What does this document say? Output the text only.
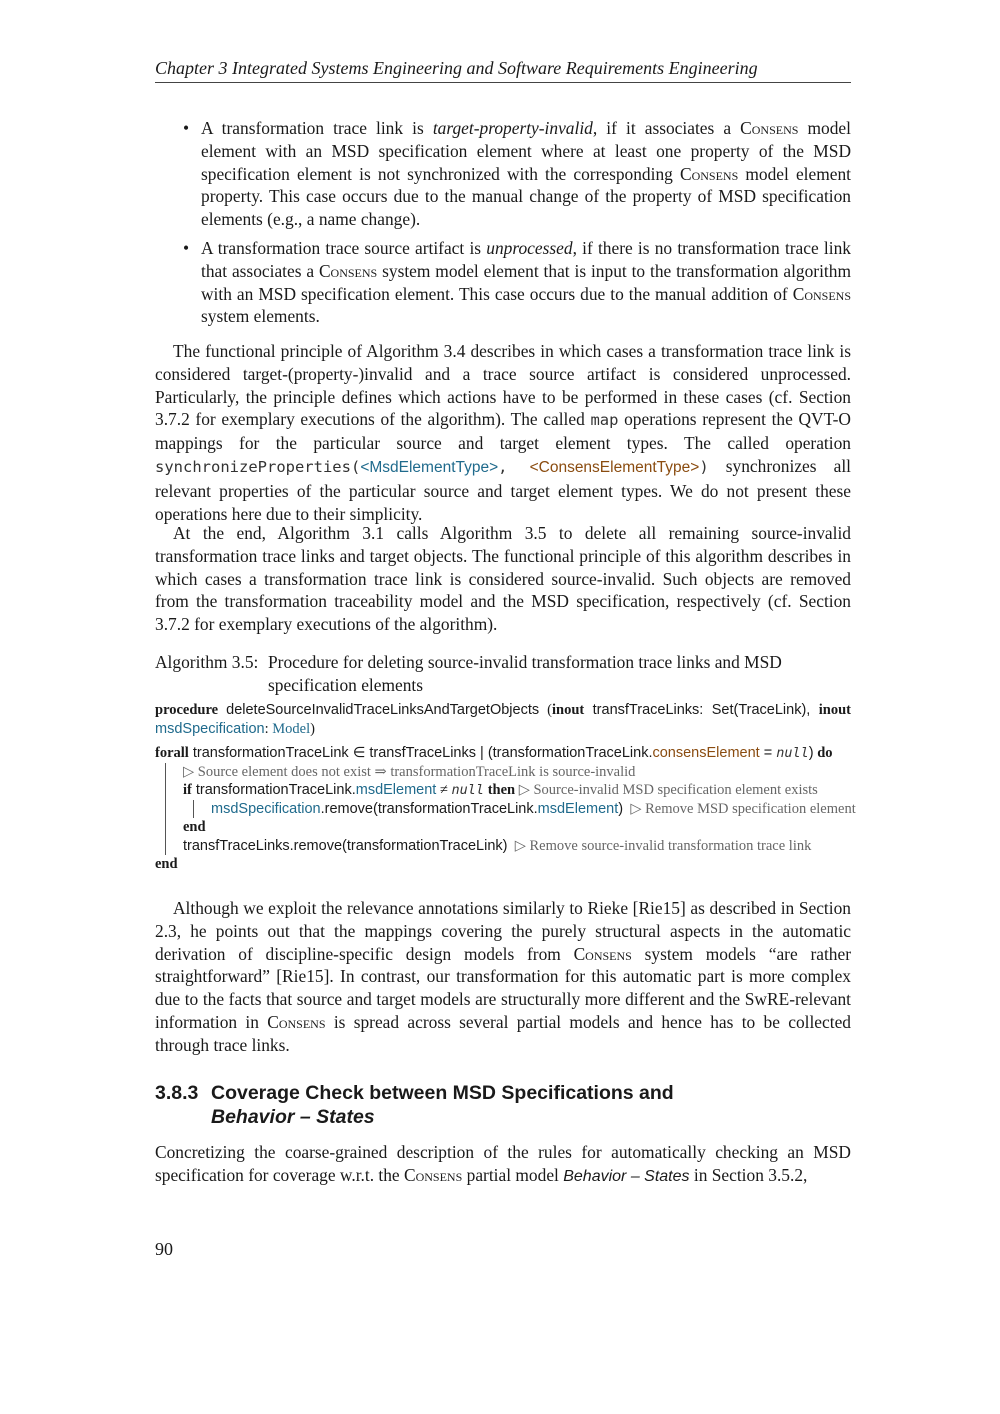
Chapter 3 Integrated Systems Engineering and Software Requirements Engineering
• A transformation trace link is target-property-invalid, if it associates a Consens model element with an MSD specification element where at least one property of the MSD specification element is not synchronized with the corresponding Consens model element property. This case occurs due to the manual change of the property of MSD specification elements (e.g., a name change).
• A transformation trace source artifact is unprocessed, if there is no transformation trace link that associates a Consens system model element that is input to the transformation algorithm with an MSD specification element. This case occurs due to the manual addition of Consens system elements.

The functional principle of Algorithm 3.4 describes in which cases a transformation trace link is considered target-(property-)invalid and a trace source artifact is considered unprocessed. Particularly, the principle defines which actions have to be performed in these cases (cf. Section 3.7.2 for exemplary executions of the algorithm). The called map operations represent the QVT-O mappings for the particular source and target element types. The called operation synchronizeProperties(<MsdElementType>, <ConsensElementType>) synchronizes all relevant properties of the particular source and target element types. We do not present these operations here due to their simplicity.

At the end, Algorithm 3.1 calls Algorithm 3.5 to delete all remaining source-invalid transformation trace links and target objects. The functional principle of this algorithm describes in which cases a transformation trace link is considered source-invalid. Such objects are removed from the transformation traceability model and the MSD specification, respectively (cf. Section 3.7.2 for exemplary executions of the algorithm).

Algorithm 3.5: Procedure for deleting source-invalid transformation trace links and MSD specification elements
procedure deleteSourceInvalidTraceLinksAndTargetObjects (inout transfTraceLinks: Set(TraceLink), inout msdSpecification: Model)
forall transformationTraceLink ∈ transfTraceLinks | (transformationTraceLink.consensElement = null) do
▷ Source element does not exist ⇒ transformationTraceLink is source-invalid
if transformationTraceLink.msdElement ≠ null then ▷ Source-invalid MSD specification element exists
msdSpecification.remove(transformationTraceLink.msdElement) ▷ Remove MSD specification element
end
transfTraceLinks.remove(transformationTraceLink) ▷ Remove source-invalid transformation trace link
end

Although we exploit the relevance annotations similarly to Rieke [Rie15] as described in Section 2.3, he points out that the mappings covering the purely structural aspects in the automatic derivation of discipline-specific design models from Consens system models “are rather straightforward” [Rie15]. In contrast, our transformation for this automatic part is more complex due to the facts that source and target models are structurally more different and the SwRE-relevant information in Consens is spread across several partial models and hence has to be collected through trace links.

3.8.3 Coverage Check between MSD Specifications and
Behavior – States

Concretizing the coarse-grained description of the rules for automatically checking an MSD specification for coverage w.r.t. the Consens partial model Behavior – States in Section 3.5.2,

90
